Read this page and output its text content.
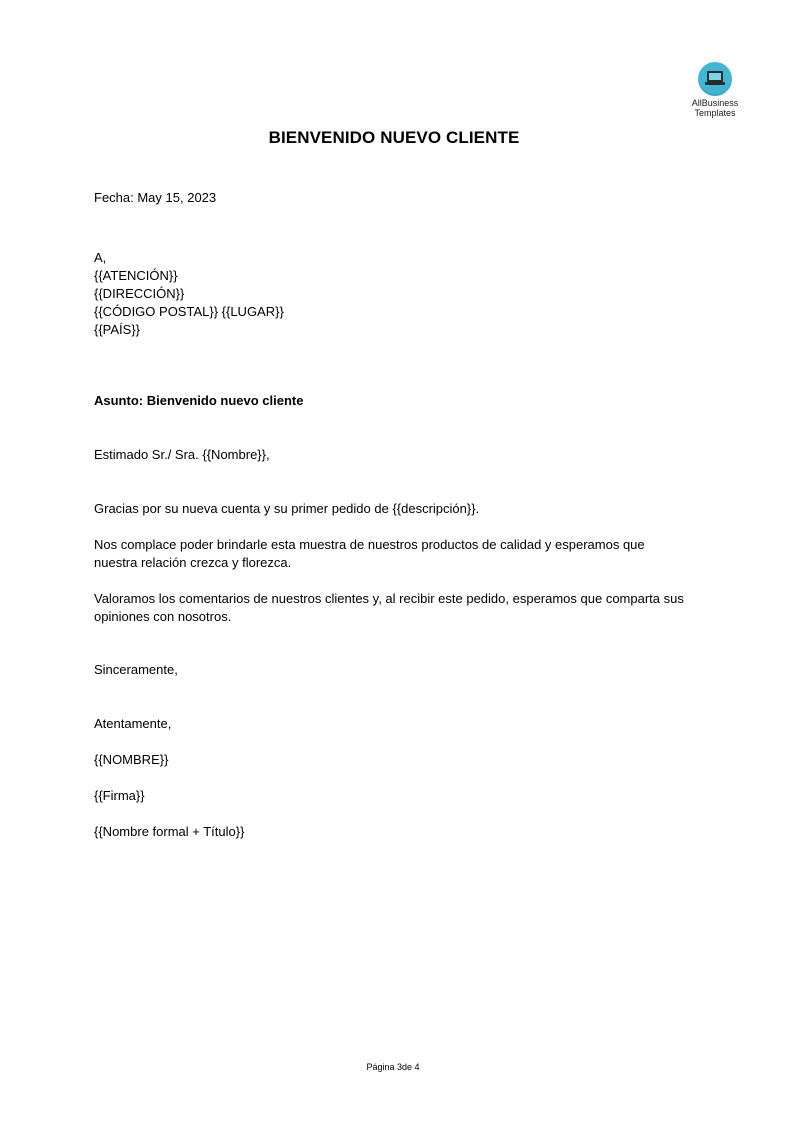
AllBusiness
Templates
BIENVENIDO NUEVO CLIENTE
Fecha: May 15, 2023
A,
{{ATENCIÓN}}
{{DIRECCIÓN}}
{{CÓDIGO POSTAL}} {{LUGAR}}
{{PAÍS}}
Asunto: Bienvenido nuevo cliente
Estimado Sr./ Sra. {{Nombre}},
Gracias por su nueva cuenta y su primer pedido de {{descripción}}.
Nos complace poder brindarle esta muestra de nuestros productos de calidad y esperamos que
nuestra relación crezca y florezca.
Valoramos los comentarios de nuestros clientes y, al recibir este pedido, esperamos que comparta sus
opiniones con nosotros.
Sinceramente,
Atentamente,
{{NOMBRE}}
{{Firma}}
{{Nombre formal + Título}}
Página 3de 4
